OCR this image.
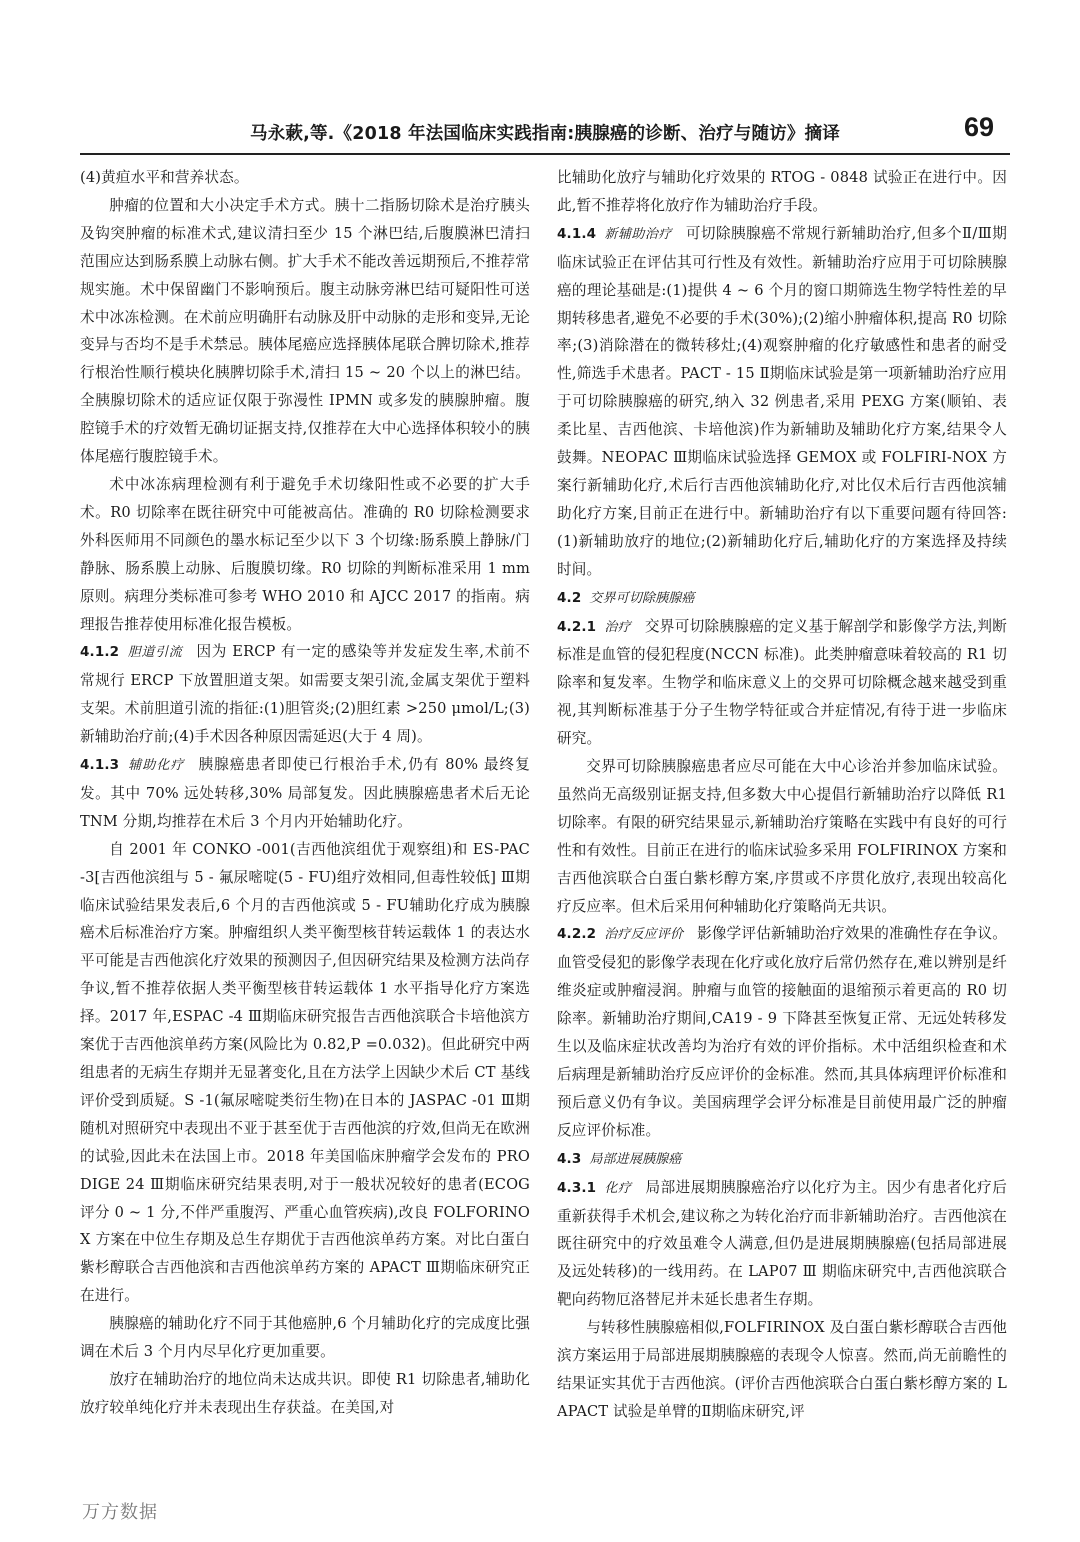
马永蔌,等.《2018 年法国临床实践指南:胰腺癌的诊断、治疗与随访》摘译	69

(4)黄疸水平和营养状态。

肿瘤的位置和大小决定手术方式。胰十二指肠切除术是治疗胰头及钩突肿瘤的标准术式,建议清扫至少 15 个淋巴结,后腹膜淋巴清扫范围应达到肠系膜上动脉右侧。扩大手术不能改善远期预后,不推荐常规实施。术中保留幽门不影响预后。腹主动脉旁淋巴结可疑阳性可送术中冰冻检测。在术前应明确肝右动脉及肝中动脉的走形和变异,无论变异与否均不是手术禁忌。胰体尾癌应选择胰体尾联合脾切除术,推荐行根治性顺行模块化胰脾切除手术,清扫 15 ~ 20 个以上的淋巴结。全胰腺切除术的适应证仅限于弥漫性 IPMN 或多发的胰腺肿瘤。腹腔镜手术的疗效暂无确切证据支持,仅推荐在大中心选择体积较小的胰体尾癌行腹腔镜手术。

术中冰冻病理检测有利于避免手术切缘阳性或不必要的扩大手术。R0 切除率在既往研究中可能被高估。准确的 R0 切除检测要求外科医师用不同颜色的墨水标记至少以下 3 个切缘:肠系膜上静脉/门静脉、肠系膜上动脉、后腹膜切缘。R0 切除的判断标准采用 1 mm 原则。病理分类标准可参考 WHO 2010 和 AJCC 2017 的指南。病理报告推荐使用标准化报告模板。

4.1.2 胆道引流 因为 ERCP 有一定的感染等并发症发生率,术前不常规行 ERCP 下放置胆道支架。如需要支架引流,金属支架优于塑料支架。术前胆道引流的指征:(1)胆管炎;(2)胆红素 >250 μmol/L;(3)新辅助治疗前;(4)手术因各种原因需延迟(大于 4 周)。

4.1.3 辅助化疗 胰腺癌患者即使已行根治手术,仍有 80% 最终复发。其中 70% 远处转移,30% 局部复发。因此胰腺癌患者术后无论 TNM 分期,均推荐在术后 3 个月内开始辅助化疗。

自 2001 年 CONKO -001(吉西他滨组优于观察组)和 ES-PAC -3[吉西他滨组与 5 - 氟尿嘧啶(5 - FU)组疗效相同,但毒性较低] Ⅲ期临床试验结果发表后,6 个月的吉西他滨或 5 - FU辅助化疗成为胰腺癌术后标准治疗方案。肿瘤组织人类平衡型核苷转运载体 1 的表达水平可能是吉西他滨化疗效果的预测因子,但因研究结果及检测方法尚存争议,暂不推荐依据人类平衡型核苷转运载体 1 水平指导化疗方案选择。2017 年,ESPAC -4 Ⅲ期临床研究报告吉西他滨联合卡培他滨方案优于吉西他滨单药方案(风险比为 0.82,P =0.032)。但此研究中两组患者的无病生存期并无显著变化,且在方法学上因缺少术后 CT 基线评价受到质疑。S -1(氟尿嘧啶类衍生物)在日本的 JASPAC -01 Ⅲ期随机对照研究中表现出不亚于甚至优于吉西他滨的疗效,但尚无在欧洲的试验,因此未在法国上市。2018 年美国临床肿瘤学会发布的 PRODIGE 24 Ⅲ期临床研究结果表明,对于一般状况较好的患者(ECOG 评分 0 ~ 1 分,不伴严重腹泻、严重心血管疾病),改良 FOLFORINOX 方案在中位生存期及总生存期优于吉西他滨单药方案。对比白蛋白紫杉醇联合吉西他滨和吉西他滨单药方案的 APACT Ⅲ期临床研究正在进行。

胰腺癌的辅助化疗不同于其他癌肿,6 个月辅助化疗的完成度比强调在术后 3 个月内尽早化疗更加重要。

放疗在辅助治疗的地位尚未达成共识。即使 R1 切除患者,辅助化放疗较单纯化疗并未表现出生存获益。在美国,对

比辅助化放疗与辅助化疗效果的 RTOG - 0848 试验正在进行中。因此,暂不推荐将化放疗作为辅助治疗手段。

4.1.4 新辅助治疗 可切除胰腺癌不常规行新辅助治疗,但多个Ⅱ/Ⅲ期临床试验正在评估其可行性及有效性。新辅助治疗应用于可切除胰腺癌的理论基础是:(1)提供 4 ~ 6 个月的窗口期筛选生物学特性差的早期转移患者,避免不必要的手术(30%);(2)缩小肿瘤体积,提高 R0 切除率;(3)消除潜在的微转移灶;(4)观察肿瘤的化疗敏感性和患者的耐受性,筛选手术患者。PACT - 15 Ⅱ期临床试验是第一项新辅助治疗应用于可切除胰腺癌的研究,纳入 32 例患者,采用 PEXG 方案(顺铂、表柔比星、吉西他滨、卡培他滨)作为新辅助及辅助化疗方案,结果令人鼓舞。NEOPAC Ⅲ期临床试验选择 GEMOX 或 FOLFIRI-NOX 方案行新辅助化疗,术后行吉西他滨辅助化疗,对比仅术后行吉西他滨辅助化疗方案,目前正在进行中。新辅助治疗有以下重要问题有待回答:(1)新辅助放疗的地位;(2)新辅助化疗后,辅助化疗的方案选择及持续时间。

4.2 交界可切除胰腺癌

4.2.1 治疗 交界可切除胰腺癌的定义基于解剖学和影像学方法,判断标准是血管的侵犯程度(NCCN 标准)。此类肿瘤意味着较高的 R1 切除率和复发率。生物学和临床意义上的交界可切除概念越来越受到重视,其判断标准基于分子生物学特征或合并症情况,有待于进一步临床研究。

交界可切除胰腺癌患者应尽可能在大中心诊治并参加临床试验。虽然尚无高级别证据支持,但多数大中心提倡行新辅助治疗以降低 R1 切除率。有限的研究结果显示,新辅助治疗策略在实践中有良好的可行性和有效性。目前正在进行的临床试验多采用 FOLFIRINOX 方案和吉西他滨联合白蛋白紫杉醇方案,序贯或不序贯化放疗,表现出较高化疗反应率。但术后采用何种辅助化疗策略尚无共识。

4.2.2 治疗反应评价 影像学评估新辅助治疗效果的准确性存在争议。血管受侵犯的影像学表现在化疗或化放疗后常仍然存在,难以辨别是纤维炎症或肿瘤浸润。肿瘤与血管的接触面的退缩预示着更高的 R0 切除率。新辅助治疗期间,CA19 - 9 下降甚至恢复正常、无远处转移发生以及临床症状改善均为治疗有效的评价指标。术中活组织检查和术后病理是新辅助治疗反应评价的金标准。然而,其具体病理评价标准和预后意义仍有争议。美国病理学会评分标准是目前使用最广泛的肿瘤反应评价标准。

4.3 局部进展胰腺癌

4.3.1 化疗 局部进展期胰腺癌治疗以化疗为主。因少有患者化疗后重新获得手术机会,建议称之为转化治疗而非新辅助治疗。吉西他滨在既往研究中的疗效虽难令人满意,但仍是进展期胰腺癌(包括局部进展及远处转移)的一线用药。在 LAP07 Ⅲ 期临床研究中,吉西他滨联合靶向药物厄洛替尼并未延长患者生存期。

与转移性胰腺癌相似,FOLFIRINOX 及白蛋白紫杉醇联合吉西他滨方案运用于局部进展期胰腺癌的表现令人惊喜。然而,尚无前瞻性的结果证实其优于吉西他滨。(评价吉西他滨联合白蛋白紫杉醇方案的 LAPACT 试验是单臂的Ⅱ期临床研究,评

万方数据
